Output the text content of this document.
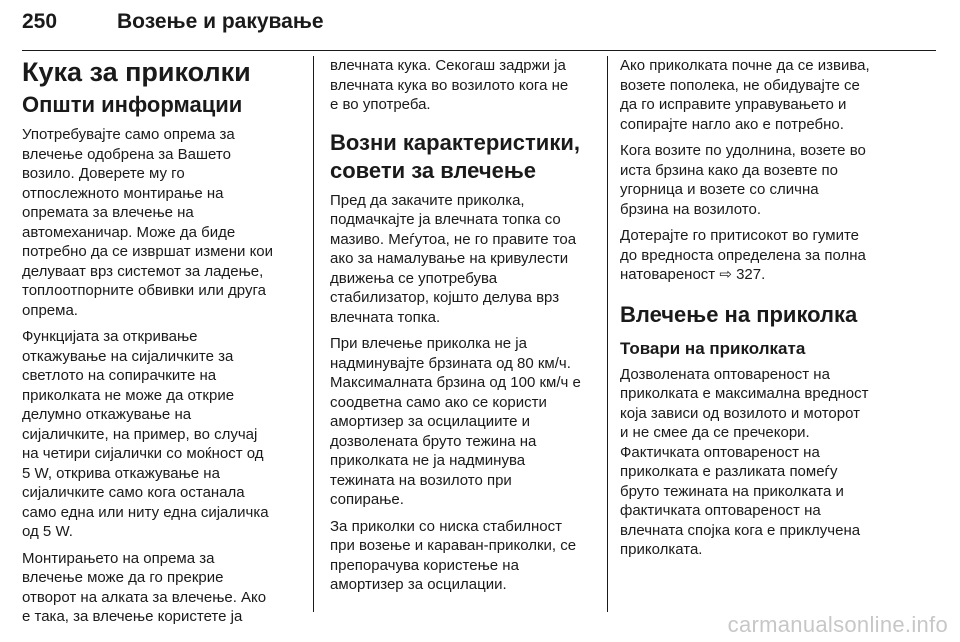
250	Возење и ракување
Кука за приколки
Општи информации

Употребувајте само опрема за
влечење одобрена за Вашето
возило. Доверете му го
отпослежното монтирање на
опремата за влечење на
автомеханичар. Може да биде
потребно да се извршат измени кои
делуваат врз системот за ладење,
топлоотпорните обвивки или друга
опрема.

Функцијата за откривање
откажување на сијаличките за
светлото на сопирачките на
приколката не може да открие
делумно откажување на
сијаличките, на пример, во случај
на четири сијалички со моќност од
5 W, открива откажување на
сијаличките само кога останала
само една или ниту една сијаличка
од 5 W.

Монтирањето на опрема за
влечење може да го прекрие
отворот на алката за влечење. Ако
е така, за влечење користете ја

влечната кука. Секогаш задржи ја
влечната кука во возилото кога не
е во употреба.

Возни карактеристики,
совети за влечење

Пред да закачите приколка,
подмачкајте ја влечната топка со
мазиво. Меѓутоа, не го правите тоа
ако за намалување на кривулести
движења се употребува
стабилизатор, којшто делува врз
влечната топка.

При влечење приколка не ја
надминувајте брзината од 80 км/ч.
Максималната брзина од 100 км/ч е
соодветна само ако се користи
амортизер за осцилациите и
дозволената бруто тежина на
приколката не ја надминува
тежината на возилото при
сопирање.

За приколки со ниска стабилност
при возење и караван-приколки, се
препорачува користење на
амортизер за осцилации.

Ако приколката почне да се извива,
возете пополека, не обидувајте се
да го исправите управувањето и
сопирајте нагло ако е потребно.

Кога возите по удолнина, возете во
иста брзина како да возевте по
угорница и возете со слична
брзина на возилото.

Дотерајте го притисокот во гумите
до вредноста определена за полна
натовареност ⇨ 327.

Влечење на приколка
Товари на приколката

Дозволената оптовареност на
приколката е максимална вредност
која зависи од возилото и моторот
и не смее да се пречекори.
Фактичката оптовареност на
приколката е разликата помеѓу
бруто тежината на приколката и
фактичката оптовареност на
влечната спојка кога е приклучена
приколката.

carmanualsonline.info
